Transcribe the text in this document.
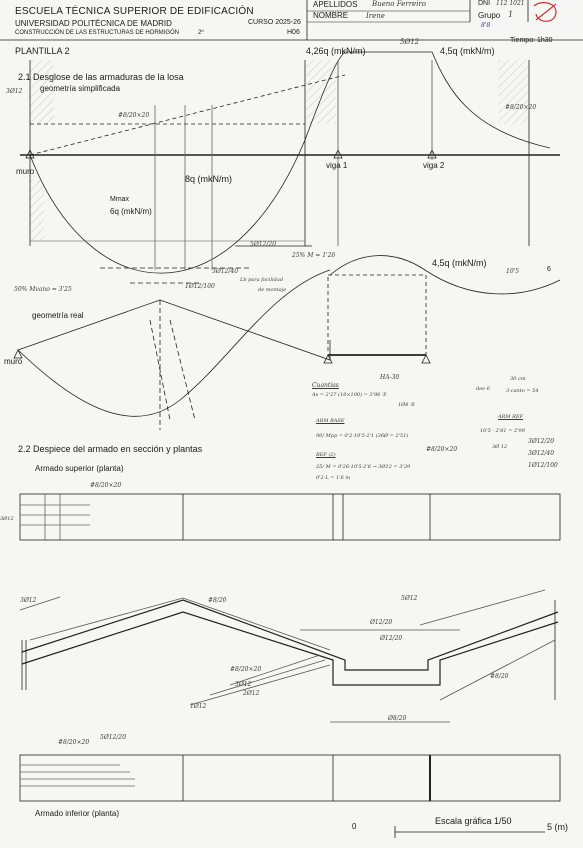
ESCUELA TÉCNICA SUPERIOR DE EDIFICACIÓN
UNIVERSIDAD POLITÉCNICA DE MADRID
CONSTRUCCIÓN DE LAS ESTRUCTURAS DE HORMIGÓN	2º
CURSO 2025-26
H06
APELLIDOS Bueno Ferreiro
NOMBRE	Irene
DNI 112 1021
Grupo 1
8'8
PLANTILLA 2
Tiempo: 1h30
2.1 Desglose de las armaduras de la losa
geometría simplificada
4,26q (mkN/m)	4,5q (mkN/m)
5Ø12
3Ø12
#8/20×20
#8/20×20
8q (mkN/m)
Mmax
6q (mkN/m)
5Ø12/20
3Ø12/40
1Ø12/100
muro
viga 1	viga 2
50% Mvano = 3'25
Lb para facilidad
de montaje
25% M = 1'26
4,5q (mkN/m)
10'5	6
geometría real
muro
HA-30
Cuantías
As = 2'27 (18×100) = 3'96 ①
1Ø8 ②
dee 6
30 cm
3·canto = 54
ARM BASE
90/ Mpp = 0'2·10'5·2'1 (36Ø = 2'51)
#8/20×20
REF (2)
25/ M = 0'26·10'5·2'6 → 3Ø12 = 3'39
0'2·L = 1'6 m
ARM REF
10'5 · 2'81 = 2'99
3Ø 12
3Ø12/20
3Ø12/40
1Ø12/100
2.2 Despiece del armado en sección y plantas
Armado superior (planta)
#8/20×20
3Ø12
3Ø12	#8/20
Ø12/20
5Ø12
Ø12/20
#8/20×20
3Ø12
2Ø12
1Ø12
#8/20
Ø8/20
#8/20×20
5Ø12/20
Armado inferior (planta)
0
Escala gráfica 1/50
5 (m)
